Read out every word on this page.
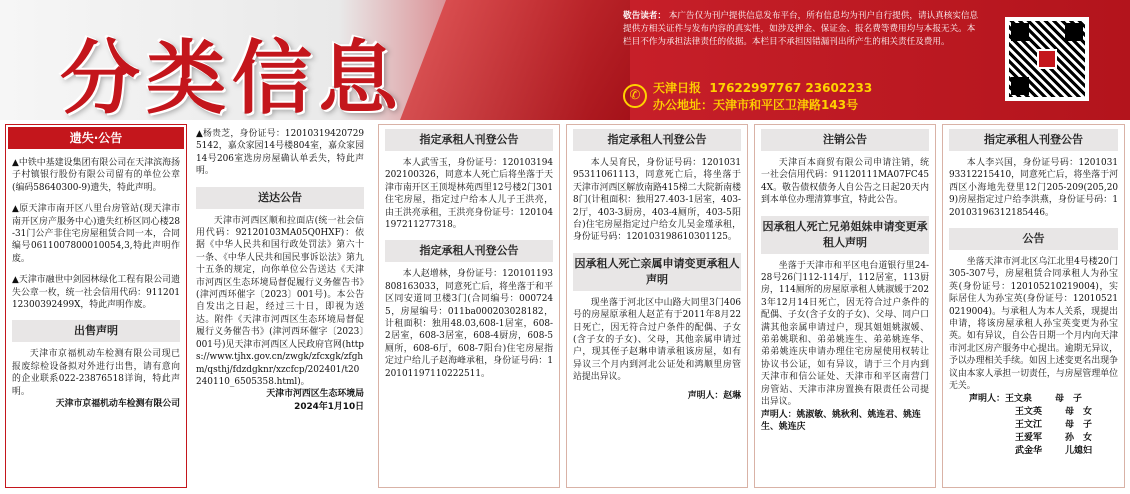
分类信息
敬告读者： 本广告仅为刊户提供信息发布平台，所有信息均为刊户自行提供，请认真核实信息提供方相关证件与发布内容的真实性，如涉及押金、保证金、报名费等费用均与本报无关。本栏目不作为承担法律责任的依据。本栏目不承担因错漏刊出所产生的相关责任及费用。
✆	天津日报 17622997767 23602233
办公地址：天津市和平区卫津路143号
遗失·公告
▲中铁中基建设集团有限公司在天津滨海扬子村镇银行股份有限公司留有的单位公章(编码58640300-9)遗失，特此声明。
▲原天津市南开区八里台房管站(现天津市南开区房产服务中心)遗失红桥区同心楼28-31门公产非住宅房屋租赁合同一本，合同编号0611007800010054,3,特此声明作废。
▲天津市融世中剑园林绿化工程有限公司遗失公章一枚，统一社会信用代码：91120112300392499X，特此声明作废。
出售声明
天津市京福机动车检测有限公司现已报废综检设备拟对外进行出售，请有意向的企业联系022-23876518详询，特此声明。
天津市京福机动车检测有限公司
▲杨贵芝，身份证号：120103194207295142，嘉众家园14号楼804室，嘉众家园14号206室选房房屋确认单丢失，特此声明。
送达公告
天津市河西区顺和拉面店(统一社会信用代码：92120103MA05Q0HXF)：依据《中华人民共和国行政处罚法》第六十一条、《中华人民共和国民事诉讼法》第九十五条的规定，向你单位公告送达《天津市河西区生态环境局督促履行义务催告书》(津河西环催字〔2023〕001号)。本公告自发出之日起，经过三十日，即视为送达。附件《天津市河西区生态环境局督促履行义务催告书》(津河西环催字〔2023〕001号)见天津市河西区人民政府官网(https://www.tjhx.gov.cn/zwgk/zfcxgk/zfghm/qsthj/fdzdgknr/xzcfcp/202401/t20240110_6505358.html)。
天津市河西区生态环境局
2024年1月10日
指定承租人刊登公告
本人武雪玉，身份证号：120103194202100326，同意本人死亡后将坐落于天津市南开区王顶堤林苑西里12号楼2门301住宅房屋，指定过户给本人儿子王洪亮，由王洪亮承租，王洪亮身份证号：120104197211277318。
指定承租人刊登公告
本人赵增林，身份证号：120101193808163033，同意死亡后，将坐落于和平区同安道同卫楼3门(合同编号：0007245，房屋编号：011ba000203028182，计租面积：独用48.03,608-1居室，608-2居室，608-3居室，608-4厨房，608-5厕所，608-6厅，608-7阳台)住宅房屋指定过户给儿子赵海峰承租，身份证号码：120101197110222511。
指定承租人刊登公告
本人吴育民，身份证号码：120103195311061113，同意死亡后，将坐落于天津市河西区解放南路415梯二大院新南楼8门(计租面积：独用27.403-1居室，403-2厅，403-3厨房，403-4厕所，403-5阳台)住宅房屋指定过户给女儿吴金瑾承租，身份证号码：120103198610301125。
因承租人死亡亲属申请变更承租人声明
现坐落于河北区中山路大同里3门406号的房屋原承租人赵芷有于2011年8月22日死亡，因无符合过户条件的配偶、子女(含子女的子女)、父母，其他亲属申请过户，现其侄子赵琳申请承租该房屋，如有异议三个月内到河北公证处和鸿顺里房管站提出异议。
声明人：赵琳
注销公告
天津百本商贸有限公司申请注销，统一社会信用代码：91120111MA07FC454X。敬告债权债务人自公告之日起20天内到本单位办理清算事宜，特此公告。
因承租人死亡兄弟姐妹申请变更承租人声明
坐落于天津市和平区电台道银行里24-28号26门112-114厅，112居室，113厨房，114厕所的房屋原承租人姚淑媛于2023年12月14日死亡，因无符合过户条件的配偶、子女(含子女的子女)、父母、同户口满其他亲属申请过户，现其姐姐姚淑媛、弟弟姚联和、弟弟姚连生、弟弟姚连华、弟弟姚连庆申请办理住宅房屋使用权转让协议书公证，如有异议，请于三个月内到天津市和信公证处、天津市和平区南营门房管站、天津市津房置换有限责任公司提出异议。
声明人：姚淑敏、姚秋利、姚连君、姚连生、姚连庆
指定承租人刊登公告
本人李兴国，身份证号码：120103193312215410，同意死亡后，将坐落于河西区小海地先登里12门205-209(205,209)房屋指定过户给李洪燕，身份证号码：120103196312185446。
公告
坐落天津市河北区乌江北里4号楼20门305-307号，房屋租赁合同承租人为孙宝英(身份证号：120105210219004)，实际居住人为孙宝英(身份证号：120105210219004)。与承租人为本人关系，现提出申请，将该房屋承租人孙宝英变更为孙宝英。如有异议，自公告日期一个月内向天津市河北区房产服务中心提出。逾期无异议，予以办理相关手续。如因上述变更名出现争议由本家人承担一切责任，与房屋管理单位无关。
声明人：王文泉	母　子
王文英	母　女
王文江	母　子
王爱军	孙　女
武金华	儿媳妇
